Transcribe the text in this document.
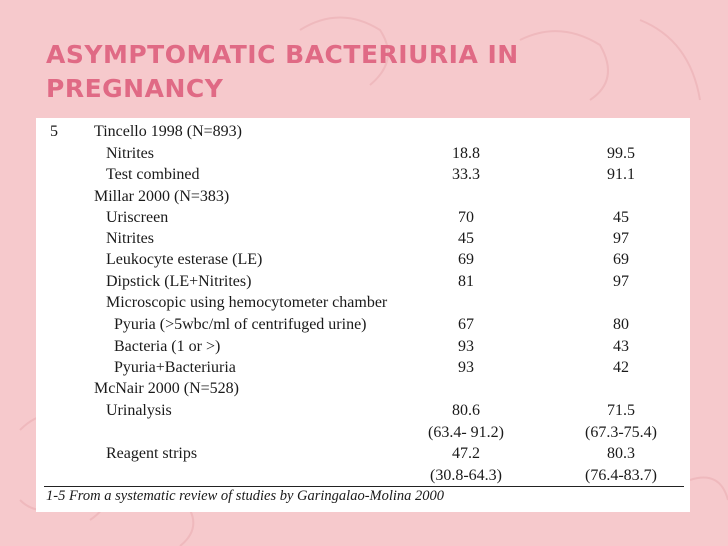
ASYMPTOMATIC BACTERIURIA IN PREGNANCY
5 Tincello 1998 (N=893)
Nitrites	18.8	99.5
Test combined	33.3	91.1
Millar 2000 (N=383)
Uriscreen	70	45
Nitrites	45	97
Leukocyte esterase (LE)	69	69
Dipstick (LE+Nitrites)	81	97
Microscopic using hemocytometer chamber
Pyuria (>5wbc/ml of centrifuged urine)	67	80
Bacteria (1 or >)	93	43
Pyuria+Bacteriuria	93	42
McNair 2000 (N=528)
Urinalysis	80.6	71.5
(63.4- 91.2)	(67.3-75.4)
Reagent strips	47.2	80.3
(30.8-64.3)	(76.4-83.7)
1-5 From a systematic review of studies by Garingalao-Molina 2000
